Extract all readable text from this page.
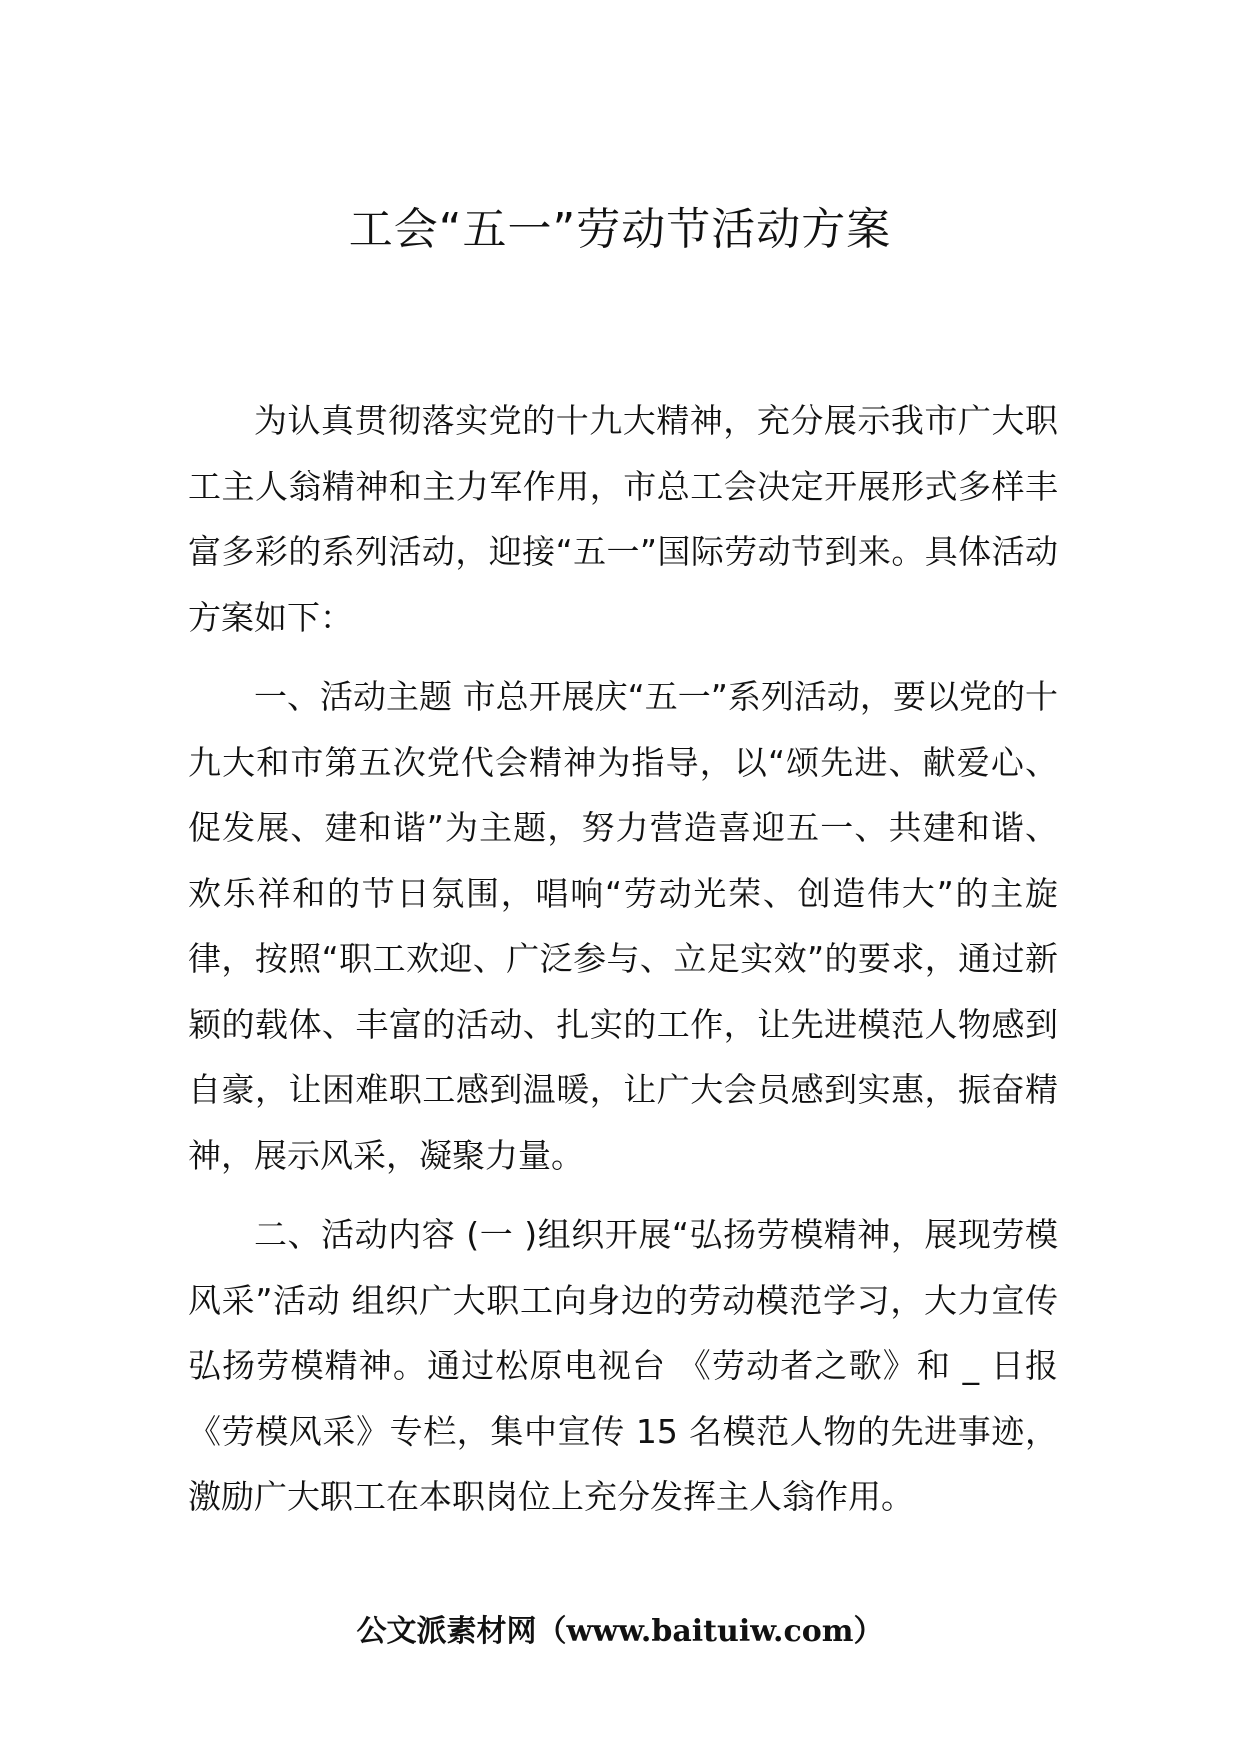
工会“五一”劳动节活动方案

为认真贯彻落实党的十九大精神，充分展示我市广大职工主人翁精神和主力军作用，市总工会决定开展形式多样丰富多彩的系列活动，迎接“五一”国际劳动节到来。具体活动方案如下：

一、活动主题 市总开展庆“五一”系列活动，要以党的十九大和市第五次党代会精神为指导，以“颂先进、献爱心、促发展、建和谐”为主题，努力营造喜迎五一、共建和谐、欢乐祥和的节日氛围，唱响“劳动光荣、创造伟大”的主旋律，按照“职工欢迎、广泛参与、立足实效”的要求，通过新颖的载体、丰富的活动、扎实的工作，让先进模范人物感到自豪，让困难职工感到温暖，让广大会员感到实惠，振奋精神，展示风采，凝聚力量。

二、活动内容 (一 )组织开展“弘扬劳模精神，展现劳模风采”活动 组织广大职工向身边的劳动模范学习，大力宣传弘扬劳模精神。通过松原电视台 《劳动者之歌》和 _ 日报《劳模风采》专栏，集中宣传 15 名模范人物的先进事迹，激励广大职工在本职岗位上充分发挥主人翁作用。

公文派素材网（www.baituiw.com）
